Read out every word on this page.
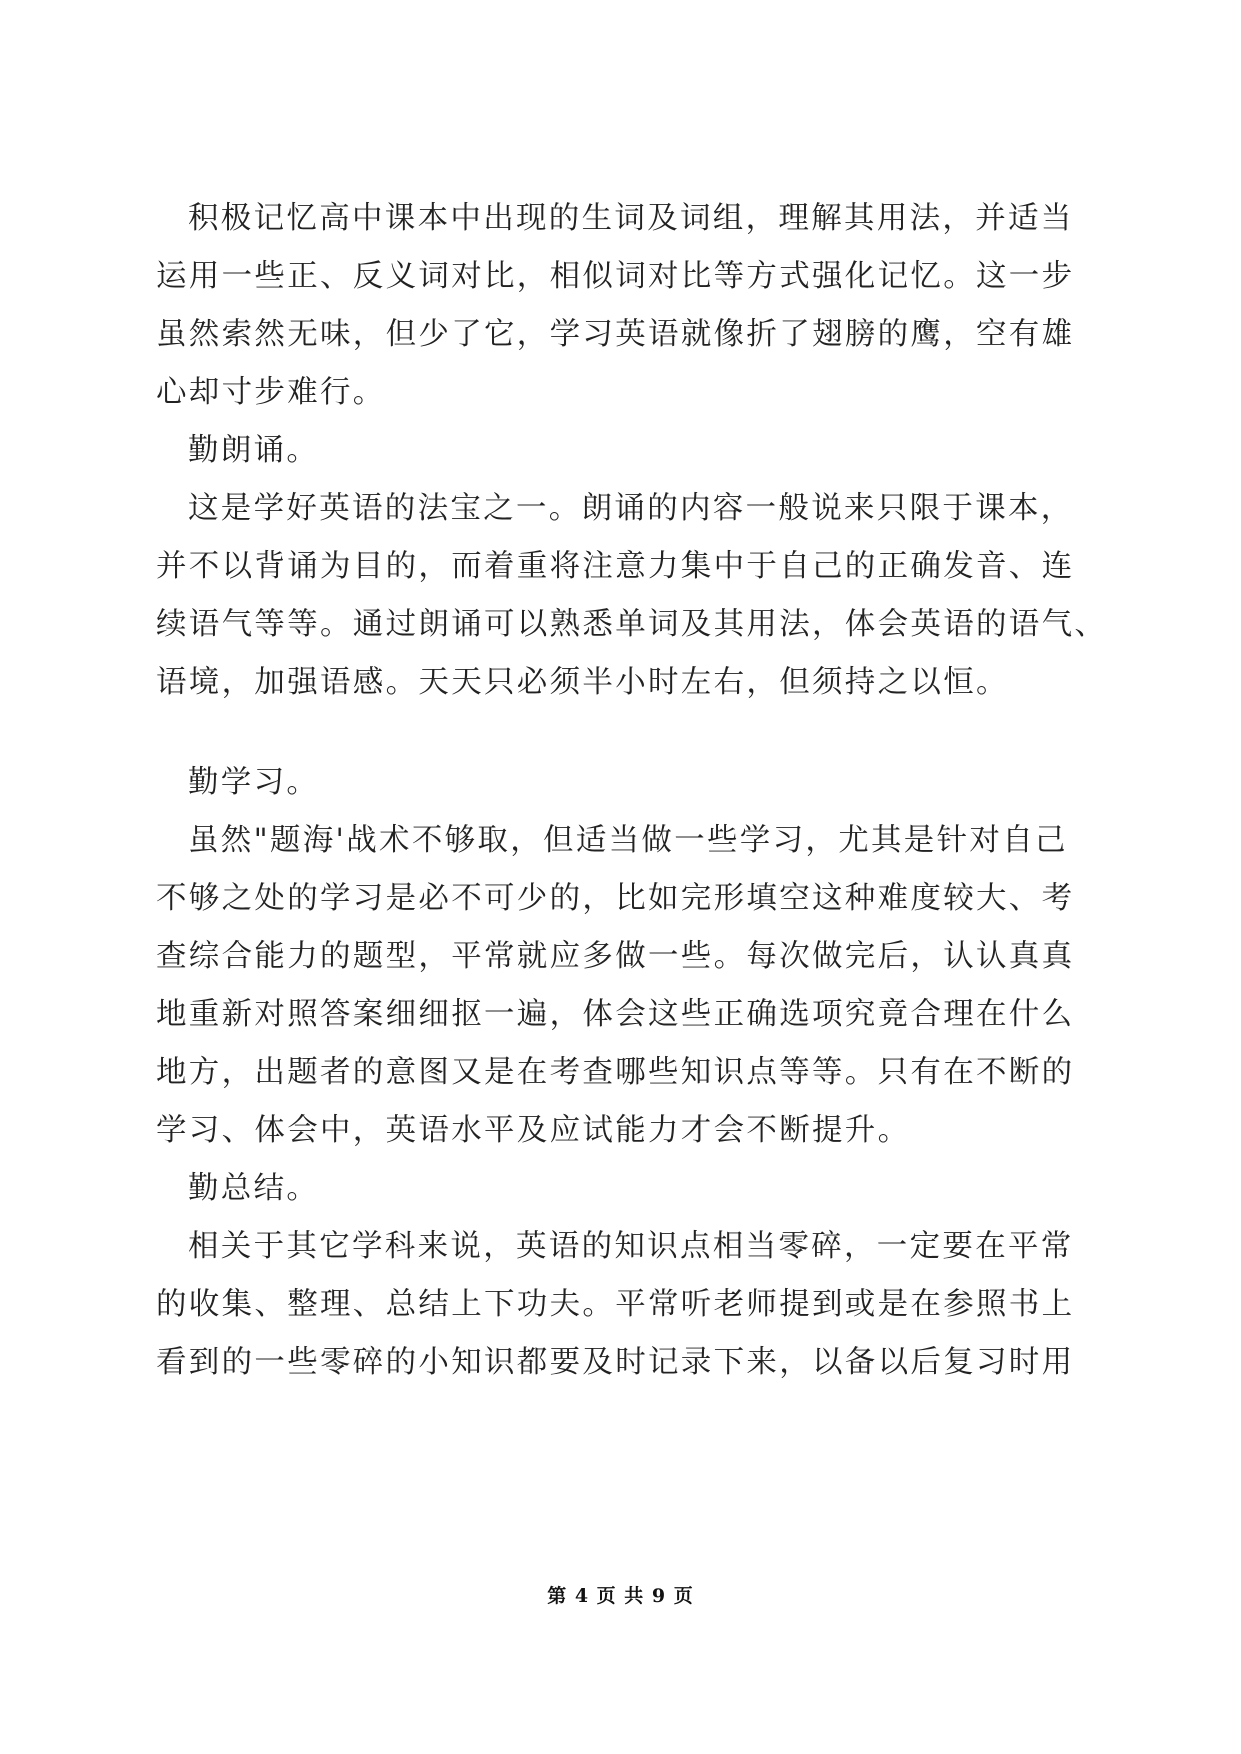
积极记忆高中课本中出现的生词及词组，理解其用法，并适当
运用一些正、反义词对比，相似词对比等方式强化记忆。这一步
虽然索然无味，但少了它，学习英语就像折了翅膀的鹰，空有雄
心却寸步难行。
勤朗诵。
这是学好英语的法宝之一。朗诵的内容一般说来只限于课本，
并不以背诵为目的，而着重将注意力集中于自己的正确发音、连
续语气等等。通过朗诵可以熟悉单词及其用法，体会英语的语气、
语境，加强语感。天天只必须半小时左右，但须持之以恒。
勤学习。
虽然"题海'战术不够取，但适当做一些学习，尤其是针对自己
不够之处的学习是必不可少的，比如完形填空这种难度较大、考
查综合能力的题型，平常就应多做一些。每次做完后，认认真真
地重新对照答案细细抠一遍，体会这些正确选项究竟合理在什么
地方，出题者的意图又是在考查哪些知识点等等。只有在不断的
学习、体会中，英语水平及应试能力才会不断提升。
勤总结。
相关于其它学科来说，英语的知识点相当零碎，一定要在平常
的收集、整理、总结上下功夫。平常听老师提到或是在参照书上
看到的一些零碎的小知识都要及时记录下来，以备以后复习时用
第 4 页 共 9 页
